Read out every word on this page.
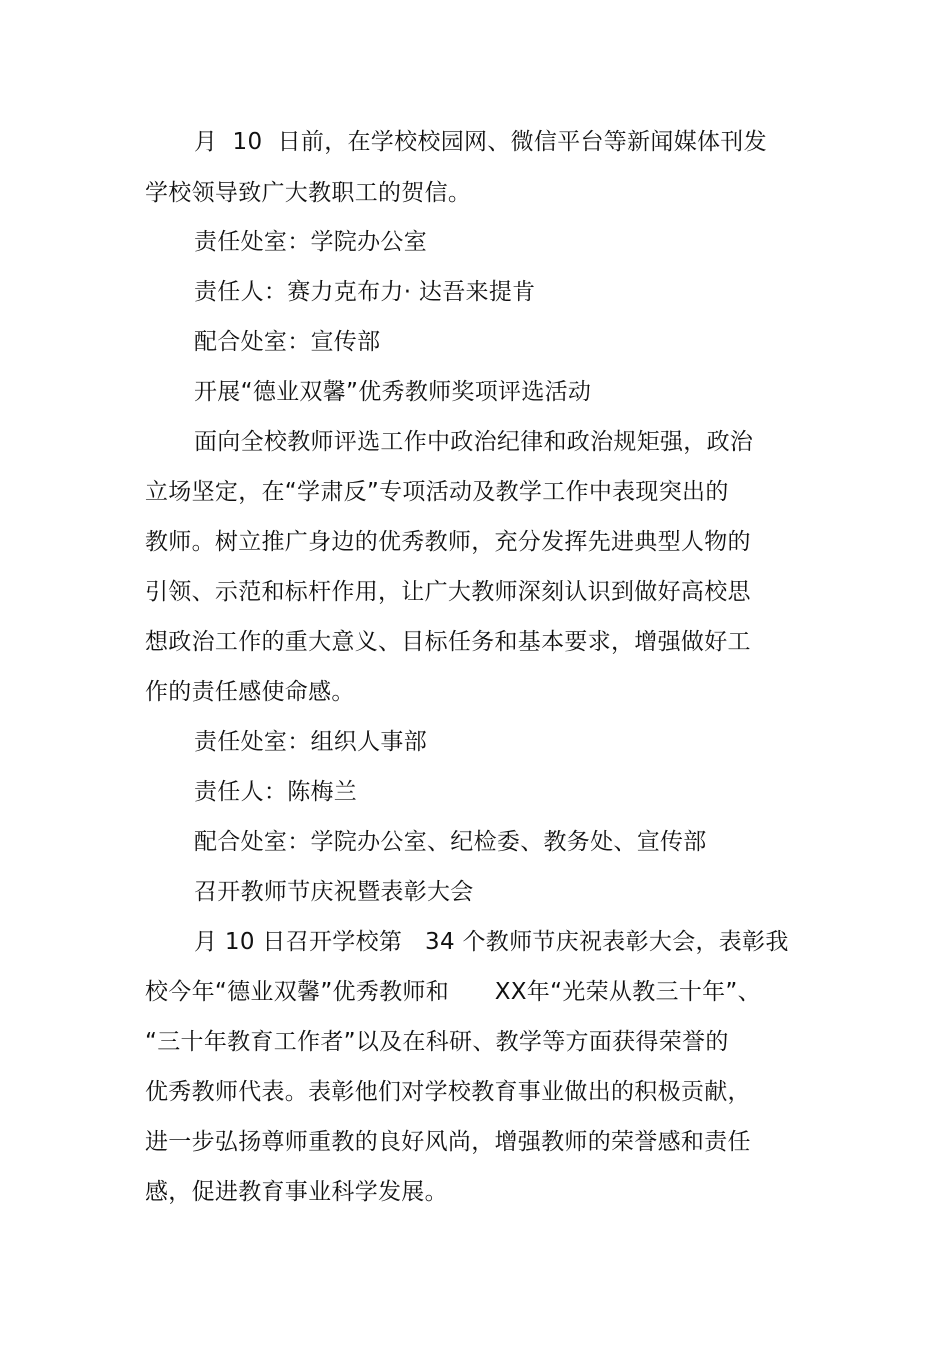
月  10  日前，在学校校园网、微信平台等新闻媒体刊发
学校领导致广大教职工的贺信。
责任处室：学院办公室
责任人：赛力克布力· 达吾来提肯
配合处室：宣传部
开展“德业双馨”优秀教师奖项评选活动
面向全校教师评选工作中政治纪律和政治规矩强，政治
立场坚定，在“学肃反”专项活动及教学工作中表现突出的
教师。树立推广身边的优秀教师，充分发挥先进典型人物的
引领、示范和标杆作用，让广大教师深刻认识到做好高校思
想政治工作的重大意义、目标任务和基本要求，增强做好工
作的责任感使命感。
责任处室：组织人事部
责任人：陈梅兰
配合处室：学院办公室、纪检委、教务处、宣传部
召开教师节庆祝暨表彰大会
月 10 日召开学校第   34 个教师节庆祝表彰大会，表彰我
校今年“德业双馨”优秀教师和      XX年“光荣从教三十年”、
“三十年教育工作者”以及在科研、教学等方面获得荣誉的
优秀教师代表。表彰他们对学校教育事业做出的积极贡献，
进一步弘扬尊师重教的良好风尚，增强教师的荣誉感和责任
感，促进教育事业科学发展。
